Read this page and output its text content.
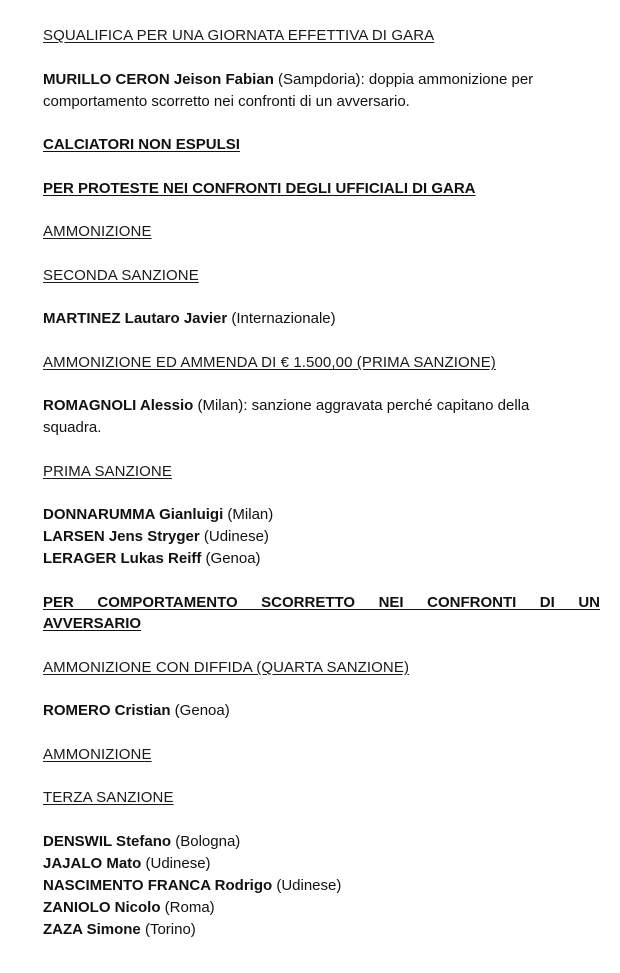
SQUALIFICA PER UNA GIORNATA EFFETTIVA DI GARA
MURILLO CERON Jeison Fabian (Sampdoria): doppia ammonizione per
comportamento scorretto nei confronti di un avversario.
CALCIATORI NON ESPULSI
PER PROTESTE NEI CONFRONTI DEGLI UFFICIALI DI GARA
AMMONIZIONE
SECONDA SANZIONE
MARTINEZ Lautaro Javier (Internazionale)
AMMONIZIONE ED AMMENDA DI € 1.500,00 (PRIMA SANZIONE)
ROMAGNOLI Alessio (Milan): sanzione aggravata perché capitano della
squadra.
PRIMA SANZIONE
DONNARUMMA Gianluigi (Milan)
LARSEN Jens Stryger (Udinese)
LERAGER Lukas Reiff (Genoa)
PER COMPORTAMENTO SCORRETTO NEI CONFRONTI DI UN
AVVERSARIO
AMMONIZIONE CON DIFFIDA (QUARTA SANZIONE)
ROMERO Cristian (Genoa)
AMMONIZIONE
TERZA SANZIONE
DENSWIL Stefano (Bologna)
JAJALO Mato (Udinese)
NASCIMENTO FRANCA Rodrigo (Udinese)
ZANIOLO Nicolo (Roma)
ZAZA Simone (Torino)
